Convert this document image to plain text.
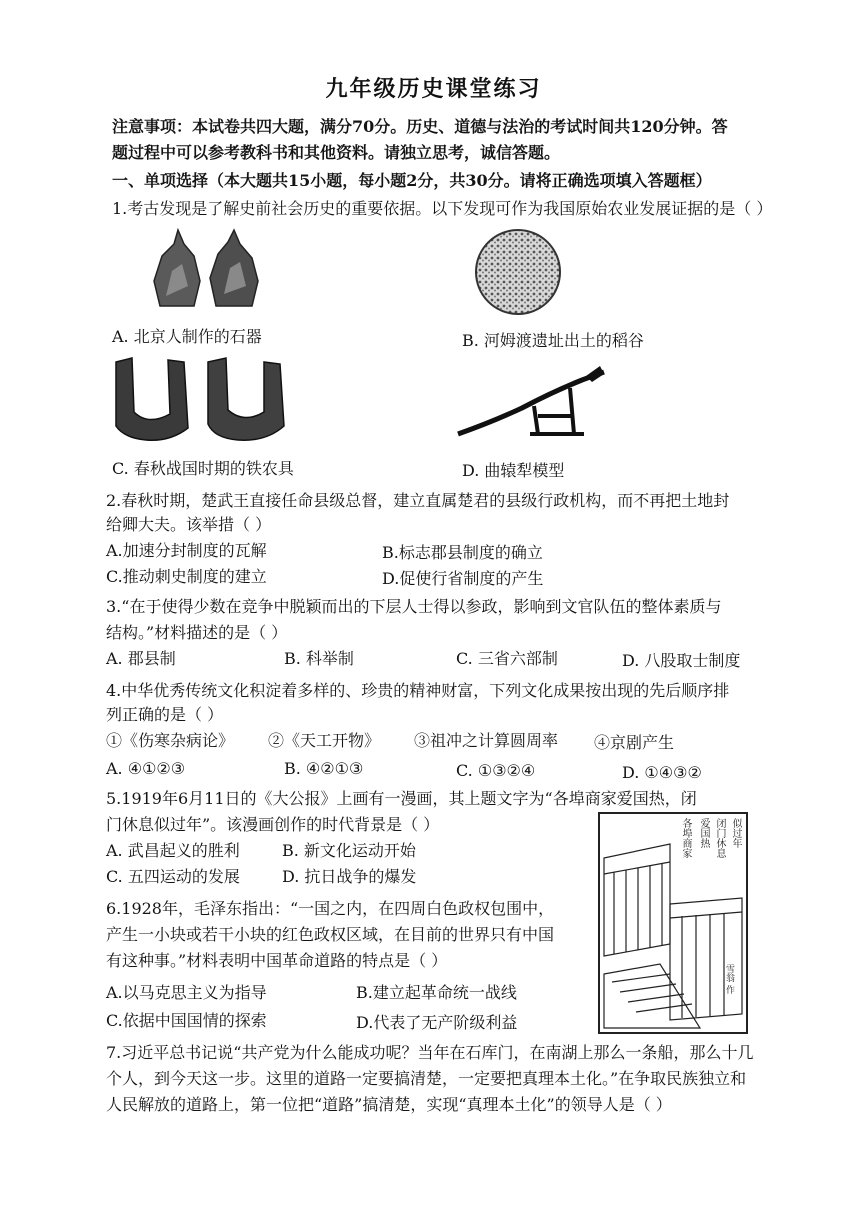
九年级历史课堂练习
注意事项：本试卷共四大题，满分70分。历史、道德与法治的考试时间共120分钟。答
题过程中可以参考教科书和其他资料。请独立思考，诚信答题。
一、单项选择（本大题共15小题，每小题2分，共30分。请将正确选项填入答题框）
1.考古发现是了解史前社会历史的重要依据。以下发现可作为我国原始农业发展证据的是（ ）
A. 北京人制作的石器	B. 河姆渡遗址出土的稻谷
C. 春秋战国时期的铁农具	D. 曲辕犁模型
2.春秋时期，楚武王直接任命县级总督，建立直属楚君的县级行政机构，而不再把土地封
给卿大夫。该举措（ ）
A.加速分封制度的瓦解	B.标志郡县制度的确立
C.推动刺史制度的建立	D.促使行省制度的产生
3.“在于使得少数在竞争中脱颖而出的下层人士得以参政，影响到文官队伍的整体素质与
结构。”材料描述的是（ ）
A. 郡县制	B. 科举制	C. 三省六部制	D. 八股取士制度
4.中华优秀传统文化积淀着多样的、珍贵的精神财富，下列文化成果按出现的先后顺序排
列正确的是（ ）
①《伤寒杂病论》 ②《天工开物》 ③祖冲之计算圆周率 ④京剧产生
A. ④①②③	B. ④②①③	C. ①③②④	D. ①④③②
5.1919年6月11日的《大公报》上画有一漫画，其上题文字为“各埠商家爱国热，闭
门休息似过年”。该漫画创作的时代背景是（ ）
A. 武昌起义的胜利	B. 新文化运动开始
C. 五四运动的发展	D. 抗日战争的爆发
各埠商家 爱国热 闭门休息 似过年
雪翁 作
6.1928年，毛泽东指出：“一国之内，在四周白色政权包围中，
产生一小块或若干小块的红色政权区域，在目前的世界只有中国
有这种事。”材料表明中国革命道路的特点是（ ）
A.以马克思主义为指导	B.建立起革命统一战线
C.依据中国国情的探索	D.代表了无产阶级利益
7.习近平总书记说“共产党为什么能成功呢？当年在石库门，在南湖上那么一条船，那么十几
个人，到今天这一步。这里的道路一定要搞清楚，一定要把真理本土化。”在争取民族独立和
人民解放的道路上，第一位把“道路”搞清楚，实现“真理本土化”的领导人是（ ）
